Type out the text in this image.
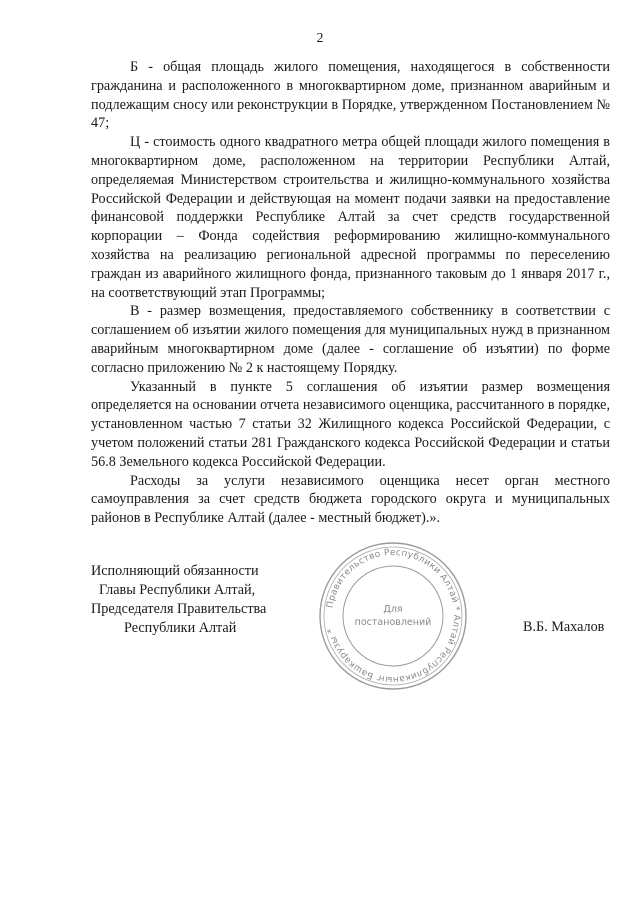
2

Б - общая площадь жилого помещения, находящегося в собственности гражданина и расположенного в многоквартирном доме, признанном аварийным и подлежащим сносу или реконструкции в Порядке, утвержденном Постановлением № 47;

Ц - стоимость одного квадратного метра общей площади жилого помещения в многоквартирном доме, расположенном на территории Республики Алтай, определяемая Министерством строительства и жилищно-коммунального хозяйства Российской Федерации и действующая на момент подачи заявки на предоставление финансовой поддержки Республике Алтай за счет средств государственной корпорации – Фонда содействия реформированию жилищно-коммунального хозяйства на реализацию региональной адресной программы по переселению граждан из аварийного жилищного фонда, признанного таковым до 1 января 2017 г., на соответствующий этап Программы;

В - размер возмещения, предоставляемого собственнику в соответствии с соглашением об изъятии жилого помещения для муниципальных нужд в признанном аварийным многоквартирном доме (далее - соглашение об изъятии) по форме согласно приложению № 2 к настоящему Порядку.

Указанный в пункте 5 соглашения об изъятии размер возмещения определяется на основании отчета независимого оценщика, рассчитанного в порядке, установленном частью 7 статьи 32 Жилищного кодекса Российской Федерации, с учетом положений статьи 281 Гражданского кодекса Российской Федерации и статьи 56.8 Земельного кодекса Российской Федерации.

Расходы за услуги независимого оценщика несет орган местного самоуправления за счет средств бюджета городского округа и муниципальных районов в Республике Алтай (далее - местный бюджет).».

Исполняющий обязанности
Главы Республики Алтай,
Председателя Правительства
Республики Алтай
Правительство Республики Алтай * Алтай Республиканыҥ Башкарузы *
Для
постановлений	В.Б. Махалов
